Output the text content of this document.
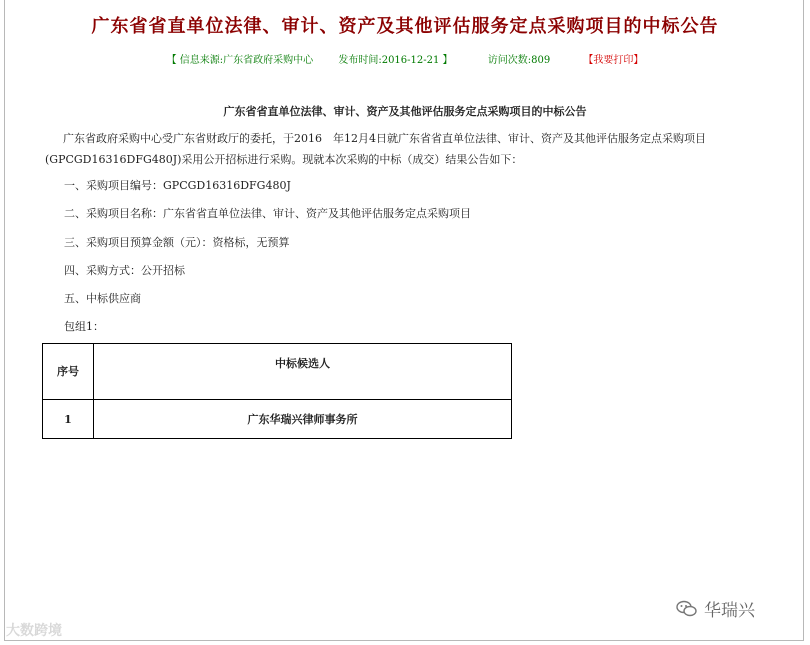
广东省省直单位法律、审计、资产及其他评估服务定点采购项目的中标公告
【 信息来源:广东省政府采购中心	发布时间:2016-12-21 】	访问次数:809	【我要打印】
广东省省直单位法律、审计、资产及其他评估服务定点采购项目的中标公告
广东省政府采购中心受广东省财政厅的委托，于2016　年12月4日就广东省省直单位法律、审计、资产及其他评估服务定点采购项目(GPCGD16316DFG480J)采用公开招标进行采购。现就本次采购的中标（成交）结果公告如下：
一、采购项目编号：GPCGD16316DFG480J
二、采购项目名称：广东省省直单位法律、审计、资产及其他评估服务定点采购项目
三、采购项目预算金额（元）：资格标，无预算
四、采购方式：公开招标
五、中标供应商
包组1：
序号	中标候选人
1	广东华瑞兴律师事务所
大数跨境
华瑞兴
